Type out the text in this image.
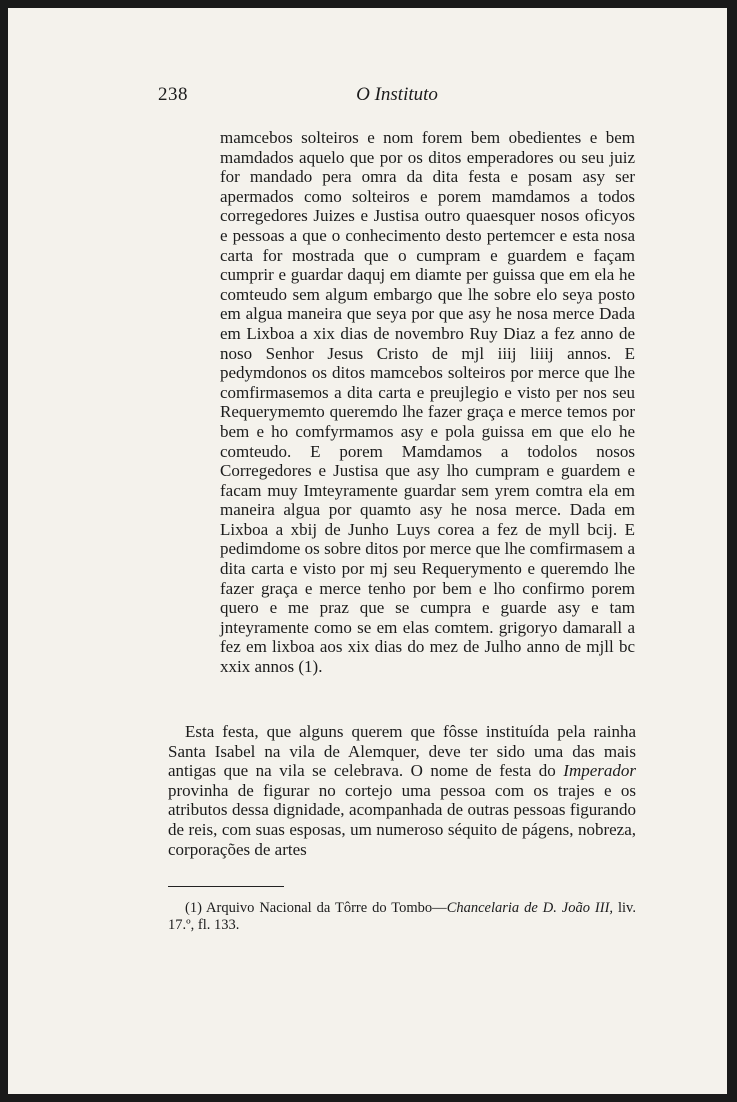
238	O Instituto

mamcebos solteiros e nom forem bem obedientes e bem mamdados aquelo que por os ditos emperadores ou seu juiz for mandado pera omra da dita festa e posam asy ser apermados como solteiros e porem mamdamos a todos corregedores Juizes e Justisa outro quaesquer nosos oficyos e pessoas a que o conhecimento desto pertemcer e esta nosa carta for mostrada que o cumpram e guardem e façam cumprir e guardar daquj em diamte per guissa que em ela he comteudo sem algum embargo que lhe sobre elo seya posto em algua maneira que seya por que asy he nosa merce Dada em Lixboa a xix dias de novembro Ruy Diaz a fez anno de noso Senhor Jesus Cristo de mjl iiij liiij annos. E pedymdonos os ditos mamcebos solteiros por merce que lhe comfirmasemos a dita carta e preujlegio e visto per nos seu Requerymemto queremdo lhe fazer graça e merce temos por bem e ho comfyrmamos asy e pola guissa em que elo he comteudo. E porem Mamdamos a todolos nosos Corregedores e Justisa que asy lho cumpram e guardem e facam muy Imteyramente guardar sem yrem comtra ela em maneira algua por quamto asy he nosa merce. Dada em Lixboa a xbij de Junho Luys corea a fez de myll bcij. E pedimdome os sobre ditos por merce que lhe comfirmasem a dita carta e visto por mj seu Requerymento e queremdo lhe fazer graça e merce tenho por bem e lho confirmo porem quero e me praz que se cumpra e guarde asy e tam jnteyramente como se em elas comtem. grigoryo damarall a fez em lixboa aos xix dias do mez de Julho anno de mjll bc xxix annos (1).

Esta festa, que alguns querem que fôsse instituída pela rainha Santa Isabel na vila de Alemquer, deve ter sido uma das mais antigas que na vila se celebrava. O nome de festa do Imperador provinha de figurar no cortejo uma pessoa com os trajes e os atributos dessa dignidade, acompanhada de outras pessoas figurando de reis, com suas esposas, um numeroso séquito de págens, nobreza, corporações de artes

(1) Arquivo Nacional da Tôrre do Tombo—Chancelaria de D. João III, liv. 17.º, fl. 133.
